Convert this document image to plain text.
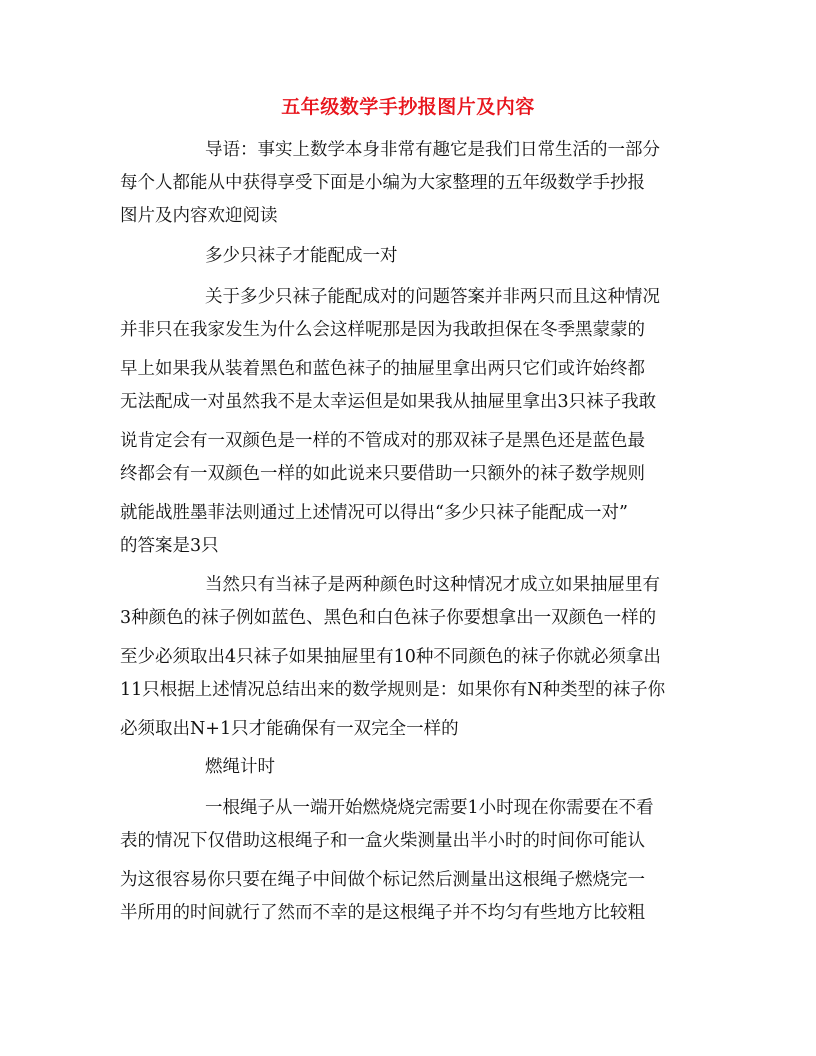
五年级数学手抄报图片及内容
导语：事实上数学本身非常有趣它是我们日常生活的一部分
每个人都能从中获得享受下面是小编为大家整理的五年级数学手抄报
图片及内容欢迎阅读
多少只袜子才能配成一对
关于多少只袜子能配成对的问题答案并非两只而且这种情况
并非只在我家发生为什么会这样呢那是因为我敢担保在冬季黑蒙蒙的
早上如果我从装着黑色和蓝色袜子的抽屉里拿出两只它们或许始终都
无法配成一对虽然我不是太幸运但是如果我从抽屉里拿出3只袜子我敢
说肯定会有一双颜色是一样的不管成对的那双袜子是黑色还是蓝色最
终都会有一双颜色一样的如此说来只要借助一只额外的袜子数学规则
就能战胜墨菲法则通过上述情况可以得出“多少只袜子能配成一对”
的答案是3只
当然只有当袜子是两种颜色时这种情况才成立如果抽屉里有
3种颜色的袜子例如蓝色、黑色和白色袜子你要想拿出一双颜色一样的
至少必须取出4只袜子如果抽屉里有10种不同颜色的袜子你就必须拿出
11只根据上述情况总结出来的数学规则是：如果你有N种类型的袜子你
必须取出N+1只才能确保有一双完全一样的
燃绳计时
一根绳子从一端开始燃烧烧完需要1小时现在你需要在不看
表的情况下仅借助这根绳子和一盒火柴测量出半小时的时间你可能认
为这很容易你只要在绳子中间做个标记然后测量出这根绳子燃烧完一
半所用的时间就行了然而不幸的是这根绳子并不均匀有些地方比较粗
